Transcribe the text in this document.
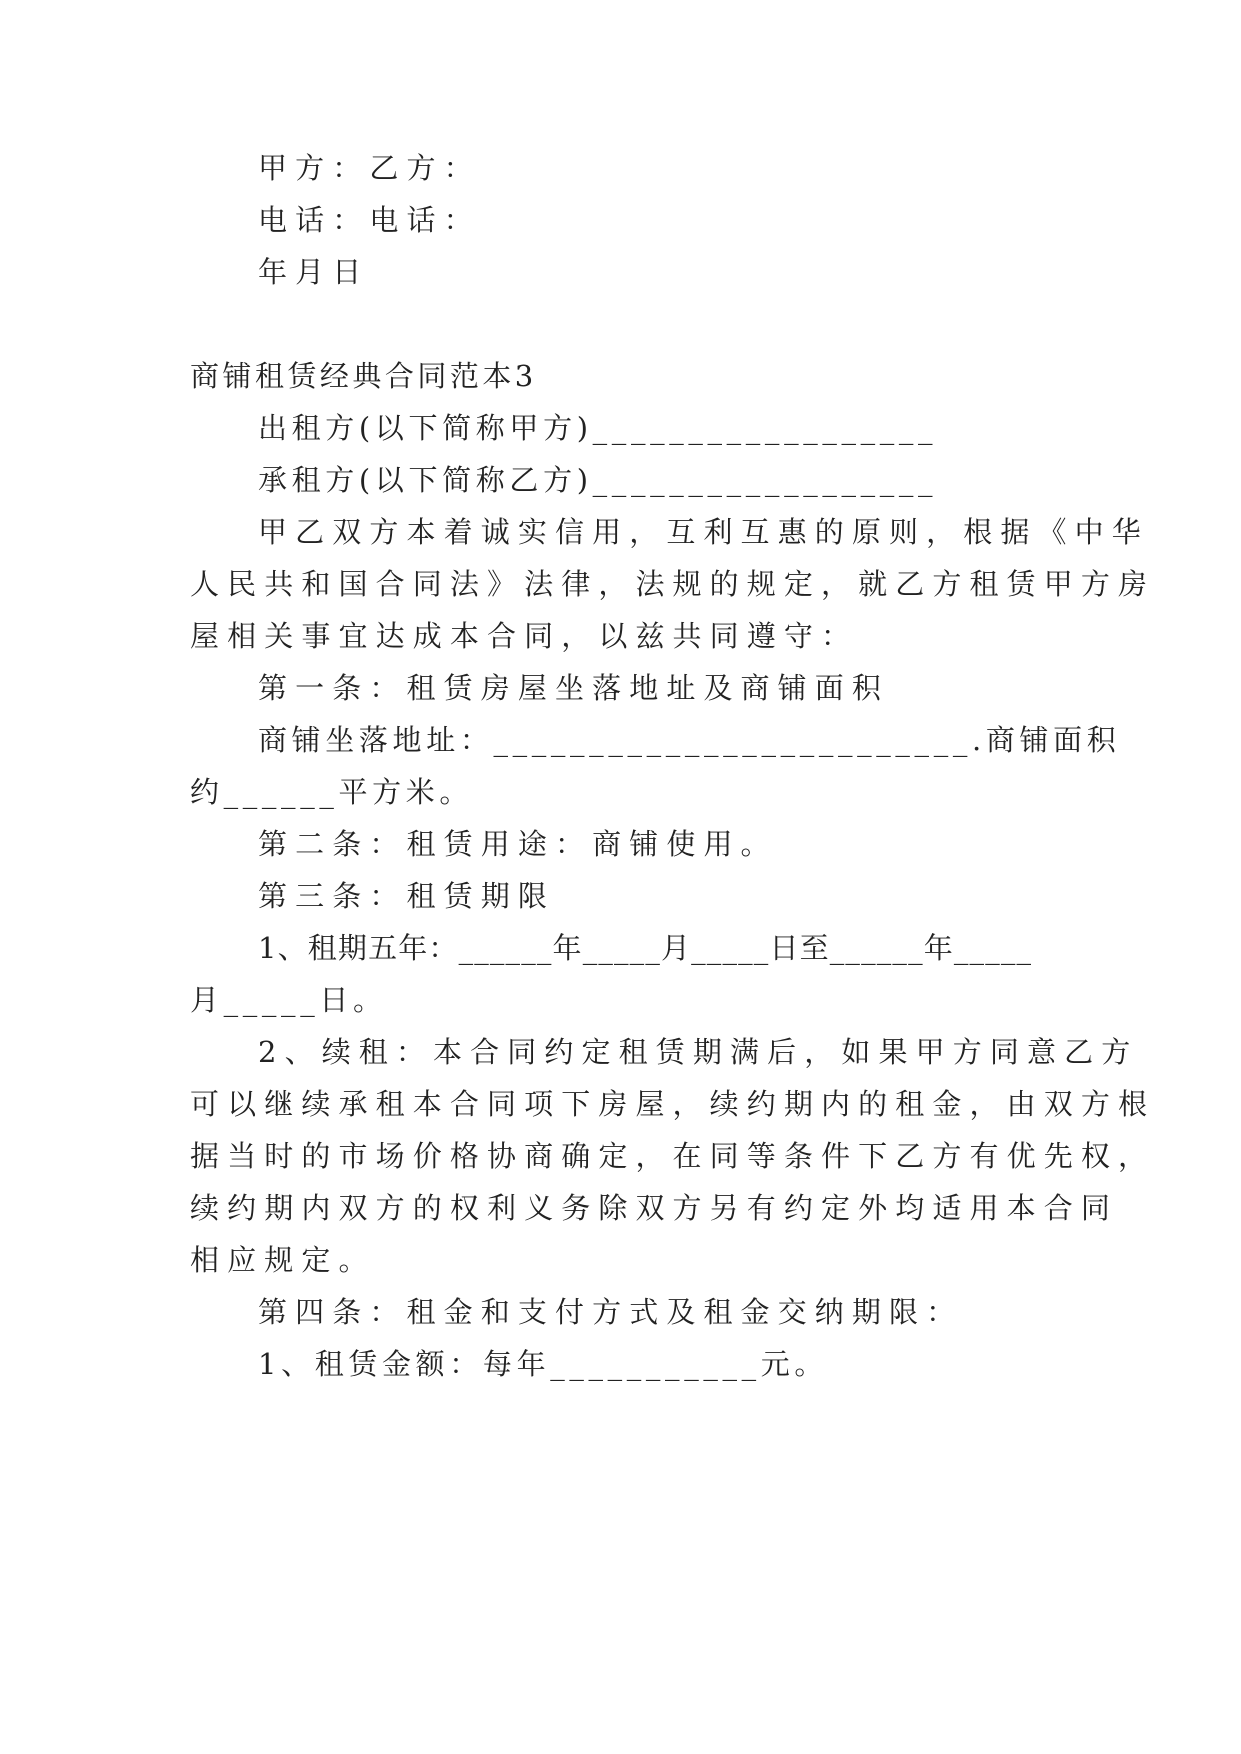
甲方：乙方：
电话：电话：
年月日
商铺租赁经典合同范本3
出租方(以下简称甲方)__________________
承租方(以下简称乙方)__________________
甲乙双方本着诚实信用，互利互惠的原则，根据《中华
人民共和国合同法》法律，法规的规定，就乙方租赁甲方房
屋相关事宜达成本合同，以兹共同遵守：
第一条：租赁房屋坐落地址及商铺面积
商铺坐落地址：_________________________.商铺面积
约______平方米。
第二条：租赁用途：商铺使用。
第三条：租赁期限
1、租期五年：______年_____月_____日至______年_____
月_____日。
2、续租：本合同约定租赁期满后，如果甲方同意乙方
可以继续承租本合同项下房屋，续约期内的租金，由双方根
据当时的市场价格协商确定，在同等条件下乙方有优先权，
续约期内双方的权利义务除双方另有约定外均适用本合同
相应规定。
第四条：租金和支付方式及租金交纳期限：
1、租赁金额：每年___________元。
